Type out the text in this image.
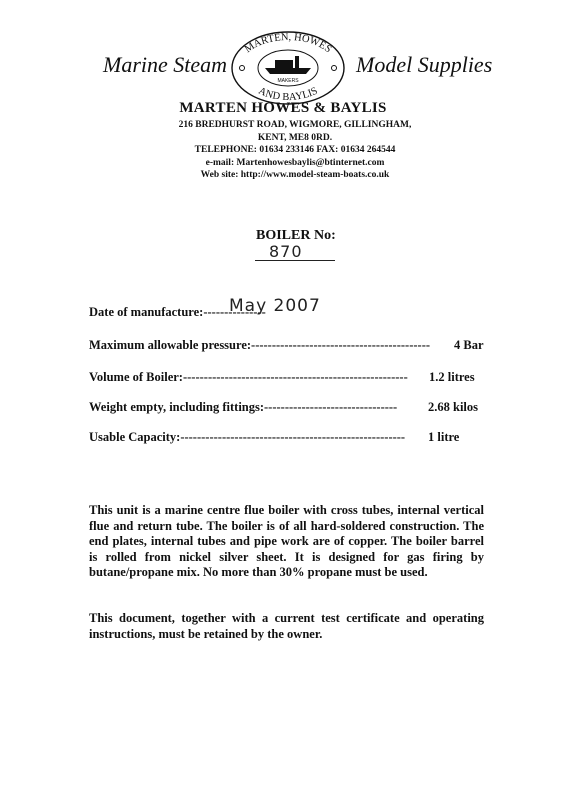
Marine Steam
MARTEN, HOWES
AND BAYLIS
MAKERS
Model Supplies
MARTEN HOWES & BAYLIS
216 BREDHURST ROAD, WIGMORE, GILLINGHAM,
KENT, ME8 0RD.
TELEPHONE: 01634 233146 FAX: 01634 264544
e-mail: Martenhowesbaylis@btinternet.com
Web site: http://www.model-steam-boats.co.uk
BOILER No:
870
Date of manufacture:---------------
May 2007
Maximum allowable pressure:------------------------------------------- 4 Bar
Volume of Boiler:------------------------------------------------------ 1.2 litres
Weight empty, including fittings:-------------------------------- 2.68 kilos
Usable Capacity:------------------------------------------------------ 1 litre
This unit is a marine centre flue boiler with cross tubes, internal vertical flue and return tube. The boiler is of all hard-soldered construction. The end plates, internal tubes and pipe work are of copper. The boiler barrel is rolled from nickel silver sheet. It is designed for gas firing by butane/propane mix. No more than 30% propane must be used.
This document, together with a current test certificate and operating instructions, must be retained by the owner.
